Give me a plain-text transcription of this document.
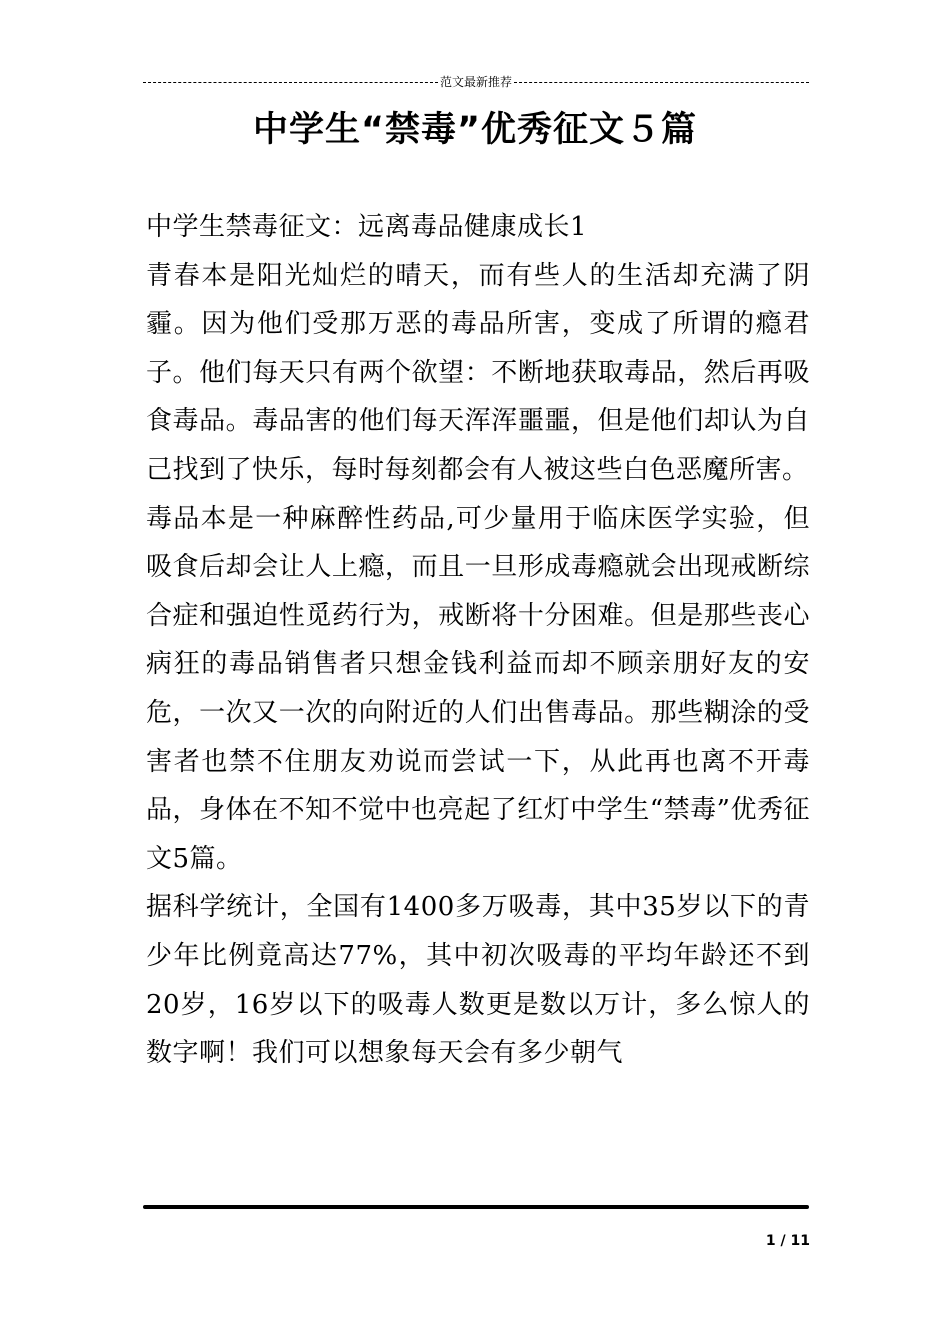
范文最新推荐
中学生“禁毒”优秀征文５篇

中学生禁毒征文：远离毒品健康成长1

青春本是阳光灿烂的晴天，而有些人的生活却充满了阴霾。因为他们受那万恶的毒品所害，变成了所谓的瘾君子。他们每天只有两个欲望：不断地获取毒品，然后再吸食毒品。毒品害的他们每天浑浑噩噩，但是他们却认为自己找到了快乐，每时每刻都会有人被这些白色恶魔所害。

毒品本是一种麻醉性药品,可少量用于临床医学实验，但吸食后却会让人上瘾，而且一旦形成毒瘾就会出现戒断综合症和强迫性觅药行为，戒断将十分困难。但是那些丧心病狂的毒品销售者只想金钱利益而却不顾亲朋好友的安危，一次又一次的向附近的人们出售毒品。那些糊涂的受害者也禁不住朋友劝说而尝试一下，从此再也离不开毒品，身体在不知不觉中也亮起了红灯中学生“禁毒”优秀征文5篇。

据科学统计，全国有1400多万吸毒，其中35岁以下的青少年比例竟高达77%，其中初次吸毒的平均年龄还不到20岁，16岁以下的吸毒人数更是数以万计，多么惊人的数字啊！我们可以想象每天会有多少朝气

1 / 11
